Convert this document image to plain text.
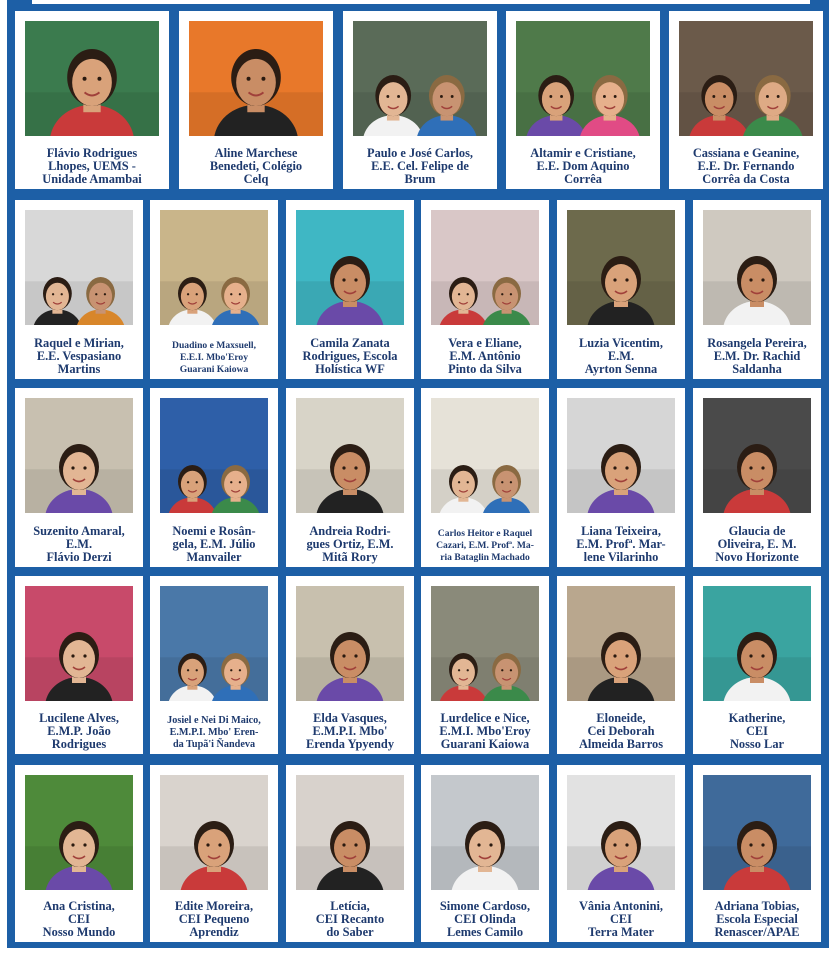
Flávio Rodrigues
Lhopes, UEMS -
Unidade Amambai
Aline Marchese
Benedeti, Colégio
Celq
Paulo e José Carlos,
E.E. Cel. Felipe de
Brum
Altamir e Cristiane,
E.E. Dom Aquino
Corrêa
Cassiana e Geanine,
E.E. Dr. Fernando
Corrêa da Costa
Raquel e Mirian,
E.E. Vespasiano
Martins
Duadino e Maxsuell,
E.E.I. Mbo'Eroy
Guarani Kaiowa
Camila Zanata
Rodrigues, Escola
Holística WF
Vera e Eliane,
E.M. Antônio
Pinto da Silva
Luzia Vicentim,
E.M.
Ayrton Senna
Rosangela Pereira,
E.M. Dr. Rachid
Saldanha
Suzenito Amaral,
E.M.
Flávio Derzi
Noemi e Rosân-
gela, E.M. Júlio
Manvailer
Andreia Rodri-
gues Ortiz, E.M.
Mitã Rory
Carlos Heitor e Raquel
Cazari, E.M. Profª. Ma-
ria Bataglin Machado
Liana Teixeira,
E.M. Profª. Mar-
lene Vilarinho
Glaucia de
Oliveira, E. M.
Novo Horizonte
Lucilene Alves,
E.M.P. João
Rodrigues
Josiel e Nei Di Maico,
E.M.P.I. Mbo' Eren-
da Tupã'i Ñandeva
Elda Vasques,
E.M.P.I. Mbo'
Erenda Ypyendy
Lurdelice e Nice,
E.M.I. Mbo'Eroy
Guarani Kaiowa
Eloneide,
Cei Deborah
Almeida Barros
Katherine,
CEI
Nosso Lar
Ana Cristina,
CEI
Nosso Mundo
Edite Moreira,
CEI Pequeno
Aprendiz
Letícia,
CEI Recanto
do Saber
Simone Cardoso,
CEI Olinda
Lemes Camilo
Vânia Antonini,
CEI
Terra Mater
Adriana Tobias,
Escola Especial
Renascer/APAE
